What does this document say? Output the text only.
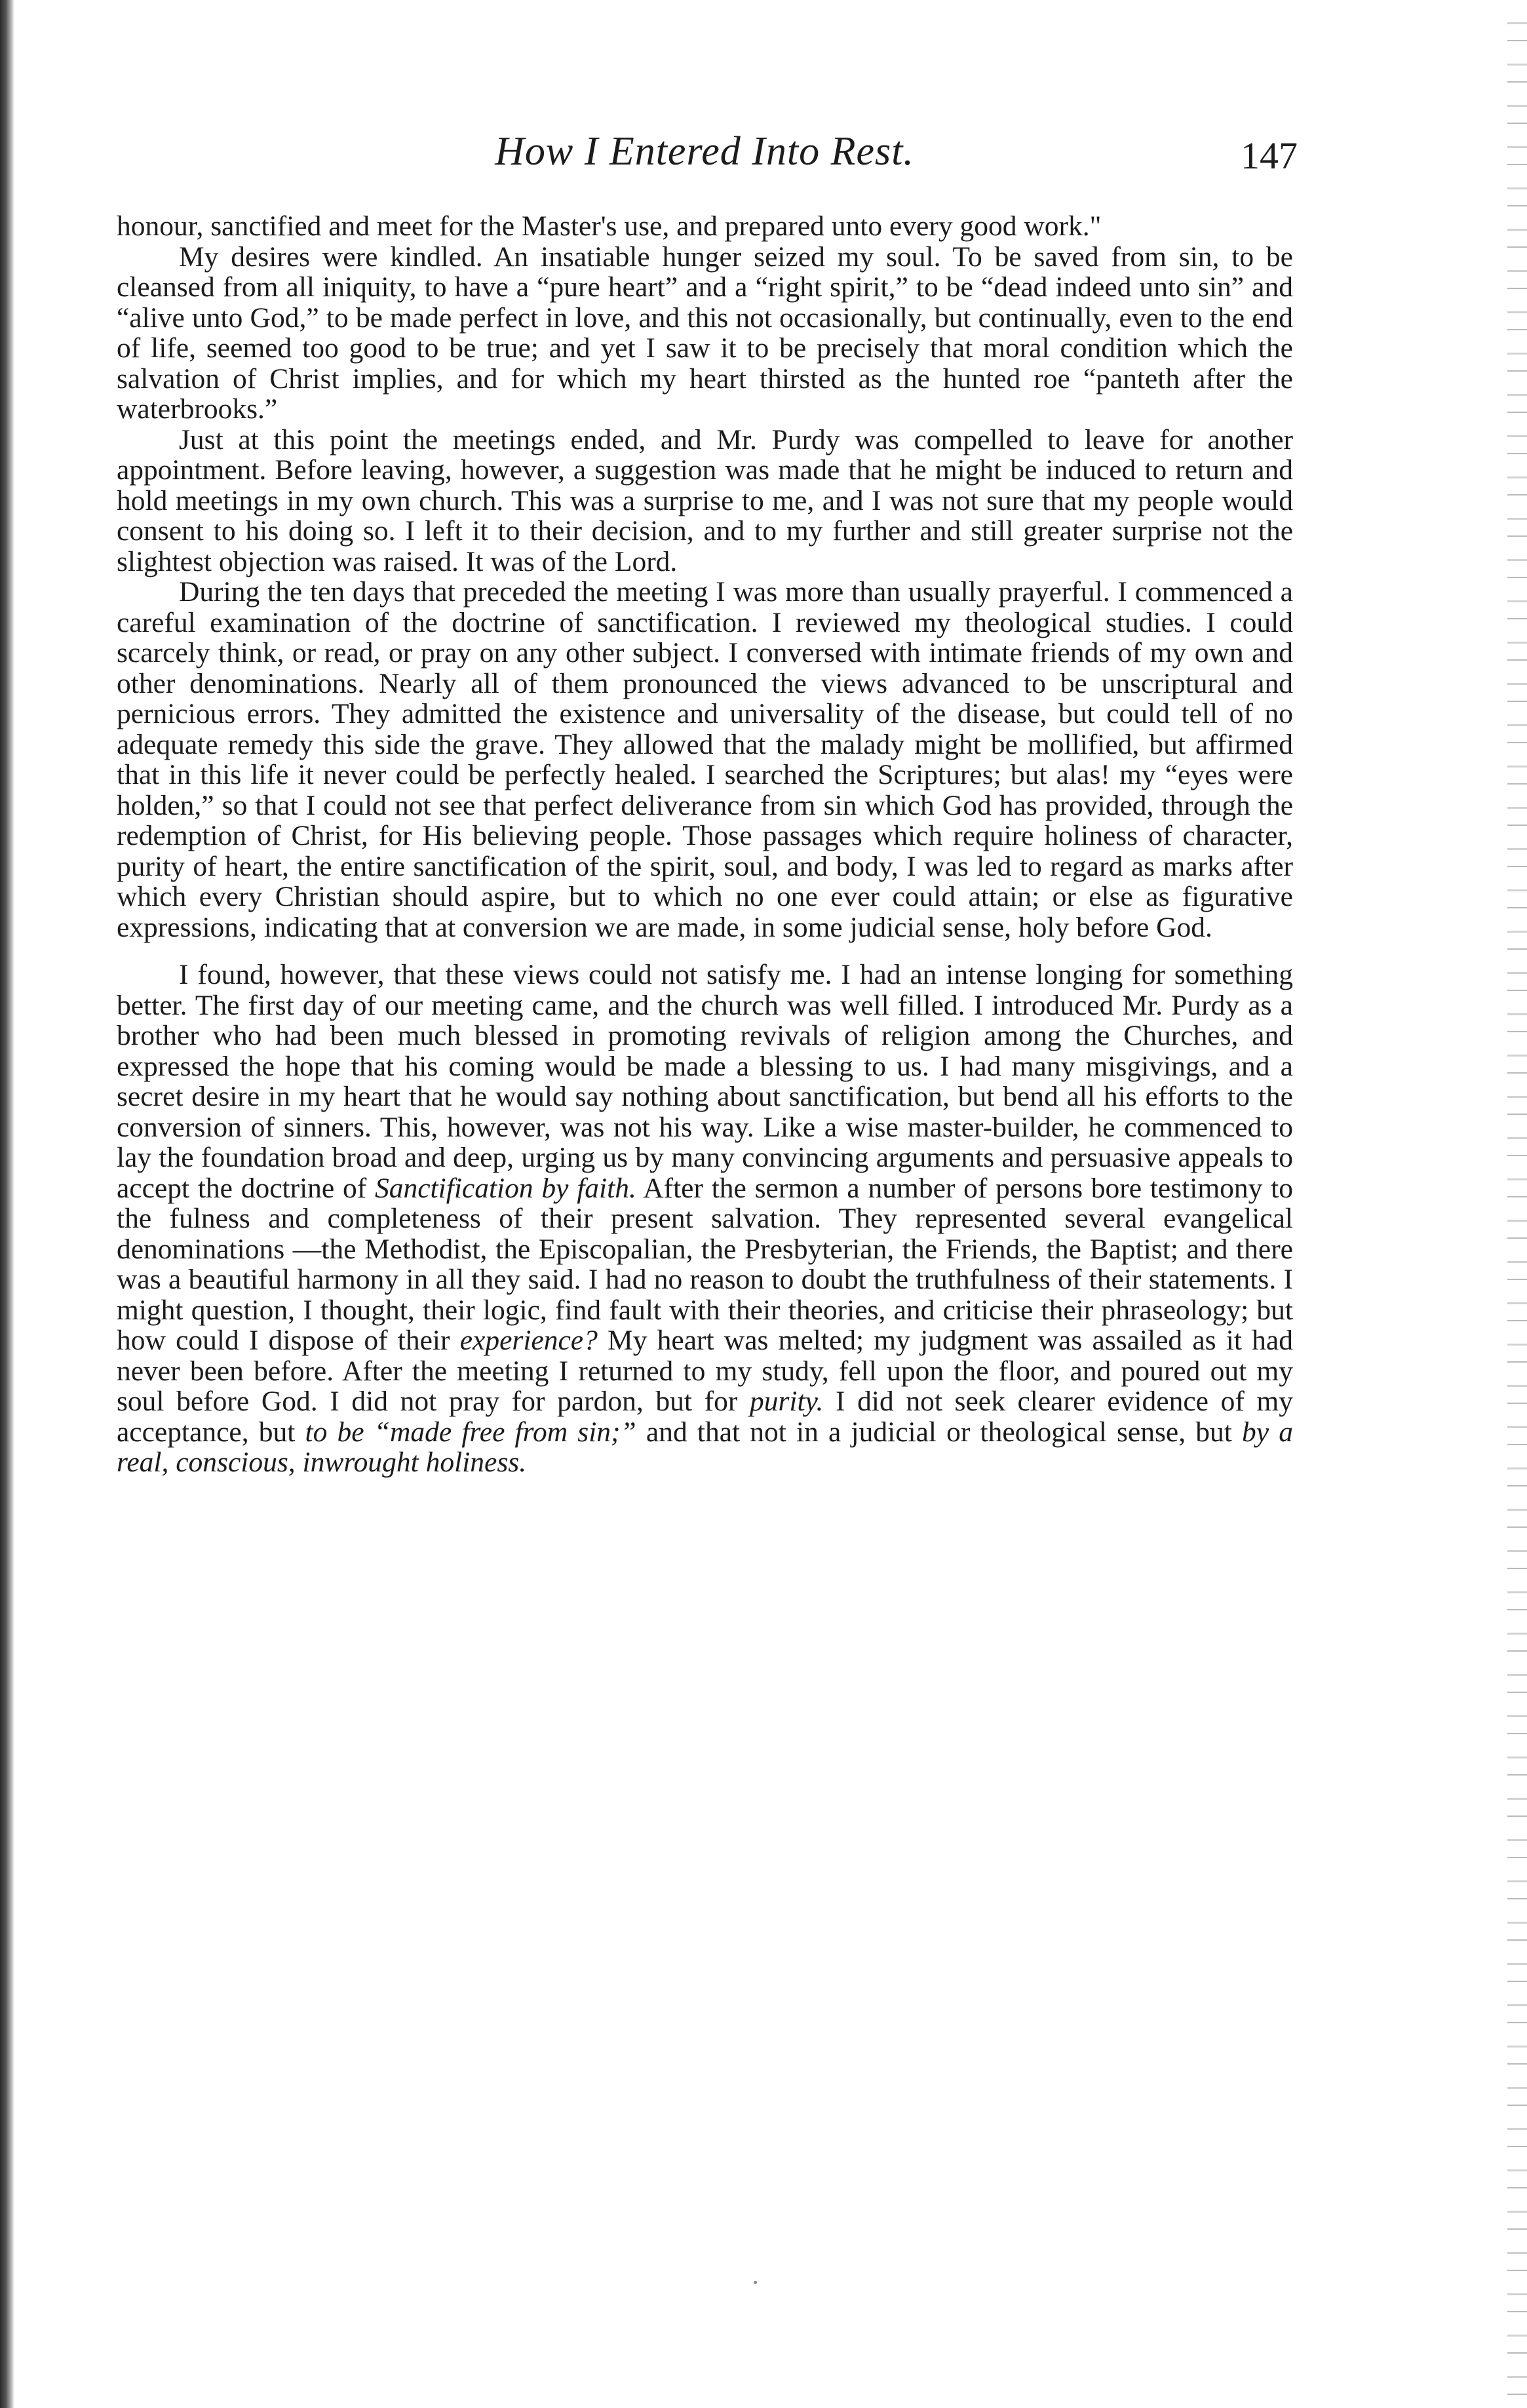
How I Entered Into Rest.	147

honour, sanctified and meet for the Master's use, and prepared unto every good work."

My desires were kindled. An insatiable hunger seized my soul. To be saved from sin, to be cleansed from all iniquity, to have a “pure heart” and a “right spirit,” to be “dead indeed unto sin” and “alive unto God,” to be made perfect in love, and this not occasionally, but continually, even to the end of life, seemed too good to be true; and yet I saw it to be precisely that moral condition which the salvation of Christ implies, and for which my heart thirsted as the hunted roe “panteth after the waterbrooks.”

Just at this point the meetings ended, and Mr. Purdy was compelled to leave for another appointment. Before leaving, however, a suggestion was made that he might be induced to return and hold meetings in my own church. This was a surprise to me, and I was not sure that my people would consent to his doing so. I left it to their decision, and to my further and still greater surprise not the slightest objection was raised. It was of the Lord.

During the ten days that preceded the meeting I was more than usually prayerful. I commenced a careful examination of the doctrine of sanctification. I reviewed my theological studies. I could scarcely think, or read, or pray on any other subject. I conversed with intimate friends of my own and other denominations. Nearly all of them pronounced the views advanced to be unscriptural and pernicious errors. They admitted the existence and universality of the disease, but could tell of no adequate remedy this side the grave. They allowed that the malady might be mollified, but affirmed that in this life it never could be perfectly healed. I searched the Scriptures; but alas! my “eyes were holden,” so that I could not see that perfect deliverance from sin which God has provided, through the redemption of Christ, for His believing people. Those passages which require holiness of character, purity of heart, the entire sanctification of the spirit, soul, and body, I was led to regard as marks after which every Christian should aspire, but to which no one ever could attain; or else as figurative expressions, indicating that at conversion we are made, in some judicial sense, holy before God.

I found, however, that these views could not satisfy me. I had an intense longing for something better. The first day of our meeting came, and the church was well filled. I introduced Mr. Purdy as a brother who had been much blessed in promoting revivals of religion among the Churches, and expressed the hope that his coming would be made a blessing to us. I had many misgivings, and a secret desire in my heart that he would say nothing about sanctification, but bend all his efforts to the conversion of sinners. This, however, was not his way. Like a wise master-builder, he commenced to lay the foundation broad and deep, urging us by many convincing arguments and persuasive appeals to accept the doctrine of Sanctification by faith. After the sermon a number of persons bore testimony to the fulness and completeness of their present salvation. They represented several evangelical denominations —the Methodist, the Episcopalian, the Presbyterian, the Friends, the Baptist; and there was a beautiful harmony in all they said. I had no reason to doubt the truthfulness of their statements. I might question, I thought, their logic, find fault with their theories, and criticise their phraseology; but how could I dispose of their experience? My heart was melted; my judgment was assailed as it had never been before. After the meeting I returned to my study, fell upon the floor, and poured out my soul before God. I did not pray for pardon, but for purity. I did not seek clearer evidence of my acceptance, but to be “made free from sin;” and that not in a judicial or theological sense, but by a real, conscious, inwrought holiness.
